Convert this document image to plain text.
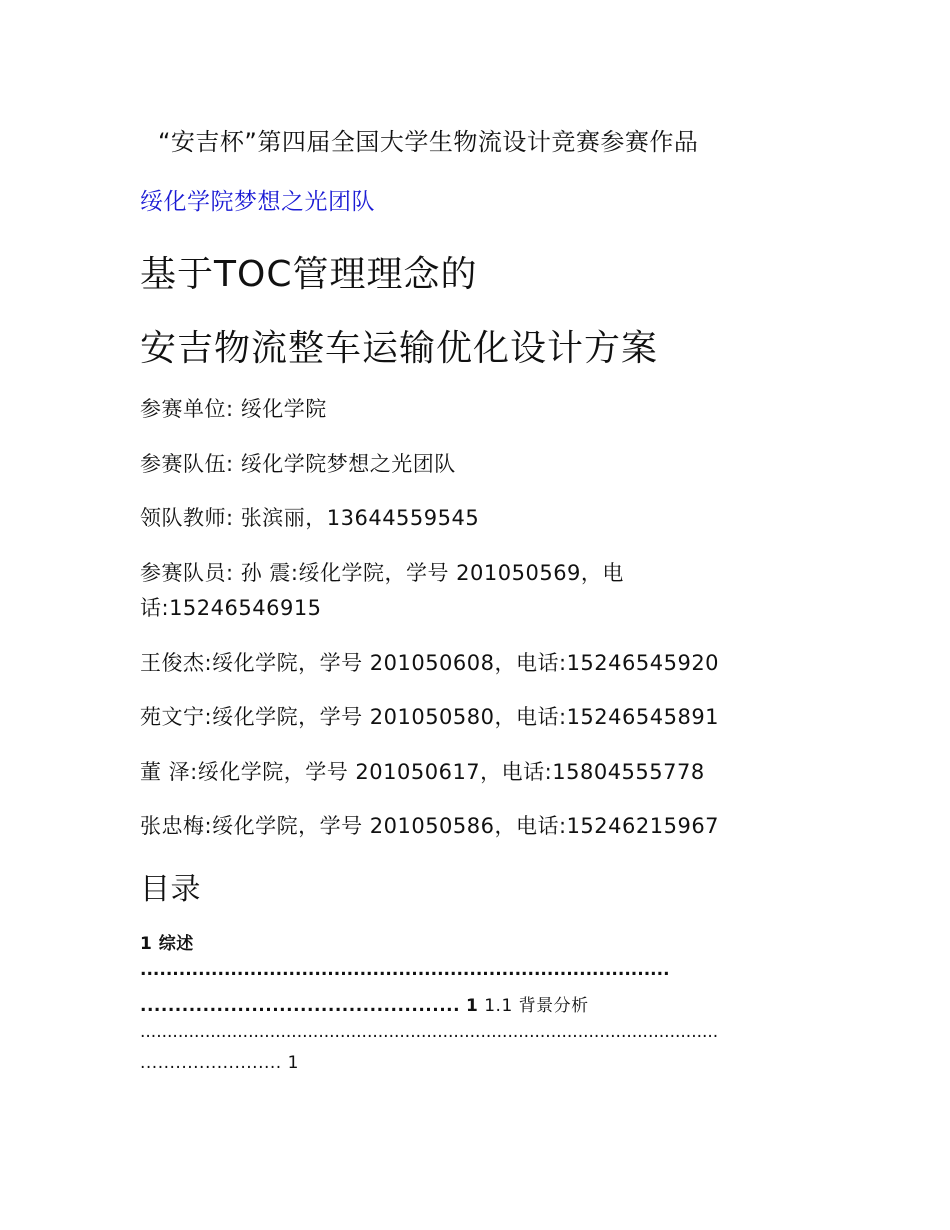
“安吉杯”第四届全国大学生物流设计竞赛参赛作品
绥化学院梦想之光团队
基于TOC管理理念的
安吉物流整车运输优化设计方案
参赛单位: 绥化学院
参赛队伍: 绥化学院梦想之光团队
领队教师: 张滨丽，13644559545
参赛队员: 孙 震:绥化学院，学号 201050569，电
话:15246546915
王俊杰:绥化学院，学号 201050608，电话:15246545920
苑文宁:绥化学院，学号 201050580，电话:15246545891
董 泽:绥化学院，学号 201050617，电话:15804555778
张忠梅:绥化学院，学号 201050586，电话:15246215967
目录
1 综述
..................................................................................
.............................................. 1 1.1 背景分析
...........................................................................................................
........................ 1
